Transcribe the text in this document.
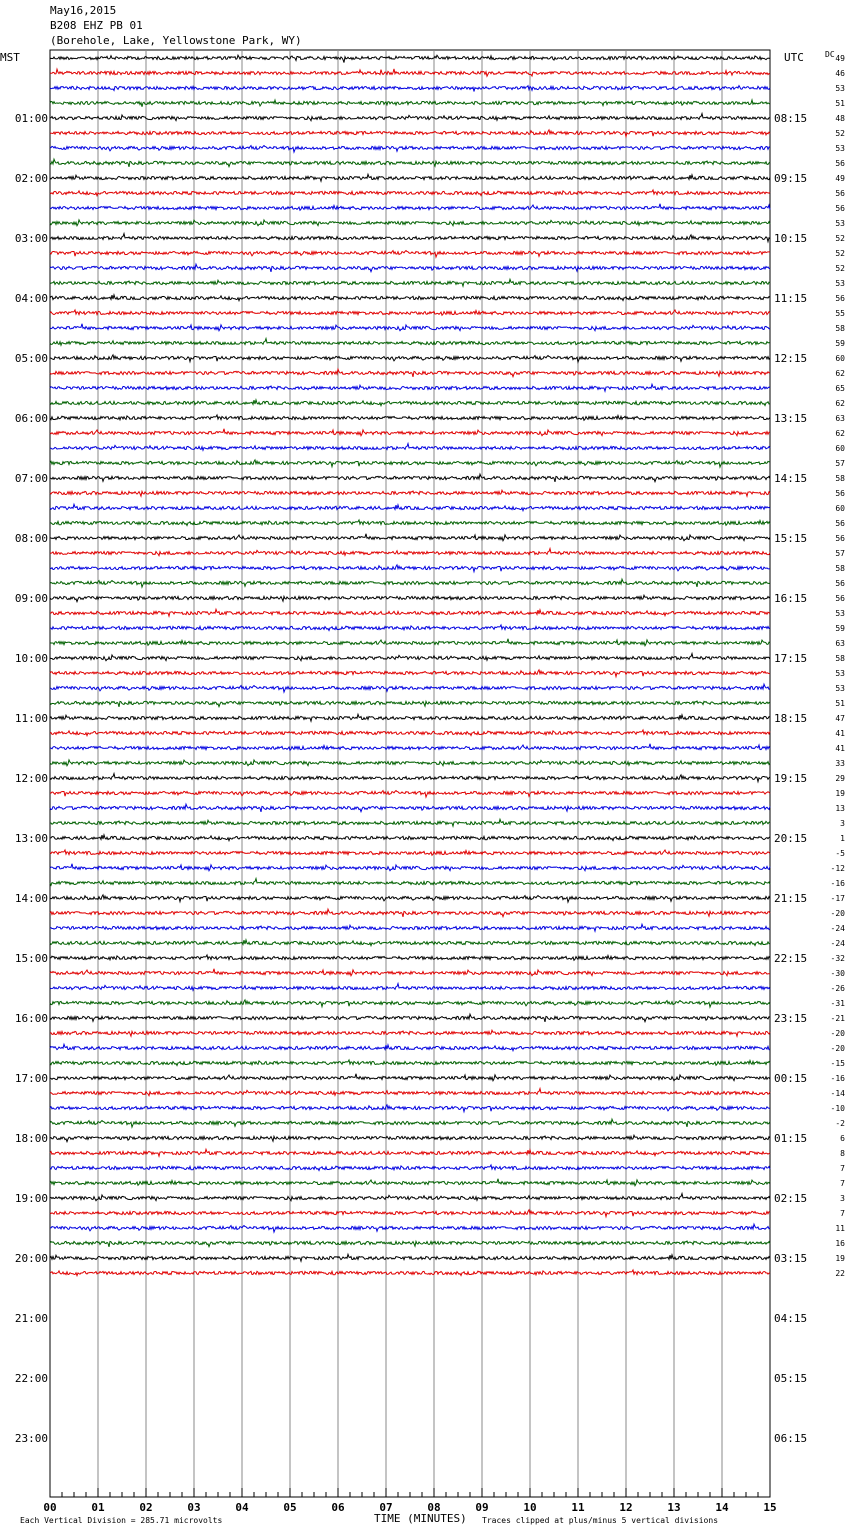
May16,2015
B208 EHZ PB 01
(Borehole, Lake, Yellowstone Park, WY)
01:00
02:00
03:00
04:00
05:00
06:00
07:00
08:00
09:00
10:00
11:00
12:00
13:00
14:00
15:00
16:00
17:00
18:00
19:00
20:00
21:00
22:00
23:00
08:15
09:15
10:15
11:15
12:15
13:15
14:15
15:15
16:15
17:15
18:15
19:15
20:15
21:15
22:15
23:15
00:15
01:15
02:15
03:15
04:15
05:15
06:15
49
46
53
51
48
52
53
56
49
56
56
53
52
52
52
53
56
55
58
59
60
62
65
62
63
62
60
57
58
56
60
56
56
57
58
56
56
53
59
63
58
53
53
51
47
41
41
33
29
19
13
3
1
-5
-12
-16
-17
-20
-24
-24
-32
-30
-26
-31
-21
-20
-20
-15
-16
-14
-10
-2
6
8
7
7
3
7
11
16
19
22
00	01	02	03	04	05	06	07	08	09	10	11	12	13	14	15
MST	UTC	DC
Each Vertical Division = 285.71 microvolts	TIME (MINUTES) Traces clipped at plus/minus 5 vertical divisions
